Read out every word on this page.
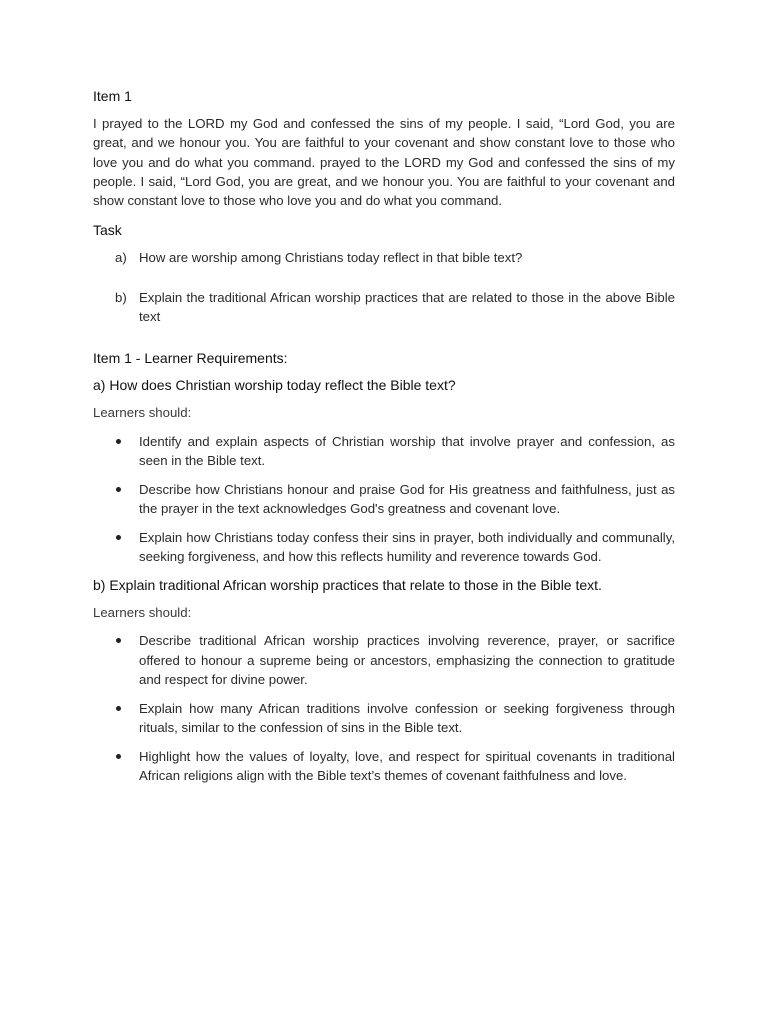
Item 1

I prayed to the LORD my God and confessed the sins of my people. I said, “Lord God, you are great, and we honour you. You are faithful to your covenant and show constant love to those who love you and do what you command. prayed to the LORD my God and confessed the sins of my people. I said, “Lord God, you are great, and we honour you. You are faithful to your covenant and show constant love to those who love you and do what you command.

Task
a) How are worship among Christians today reflect in that bible text?
b) Explain the traditional African worship practices that are related to those in the above Bible text
Item 1 - Learner Requirements:
a) How does Christian worship today reflect the Bible text?

Learners should:

Identify and explain aspects of Christian worship that involve prayer and confession, as seen in the Bible text.
Describe how Christians honour and praise God for His greatness and faithfulness, just as the prayer in the text acknowledges God's greatness and covenant love.
Explain how Christians today confess their sins in prayer, both individually and communally, seeking forgiveness, and how this reflects humility and reverence towards God.
b) Explain traditional African worship practices that relate to those in the Bible text.

Learners should:

Describe traditional African worship practices involving reverence, prayer, or sacrifice offered to honour a supreme being or ancestors, emphasizing the connection to gratitude and respect for divine power.
Explain how many African traditions involve confession or seeking forgiveness through rituals, similar to the confession of sins in the Bible text.
Highlight how the values of loyalty, love, and respect for spiritual covenants in traditional African religions align with the Bible text’s themes of covenant faithfulness and love.
